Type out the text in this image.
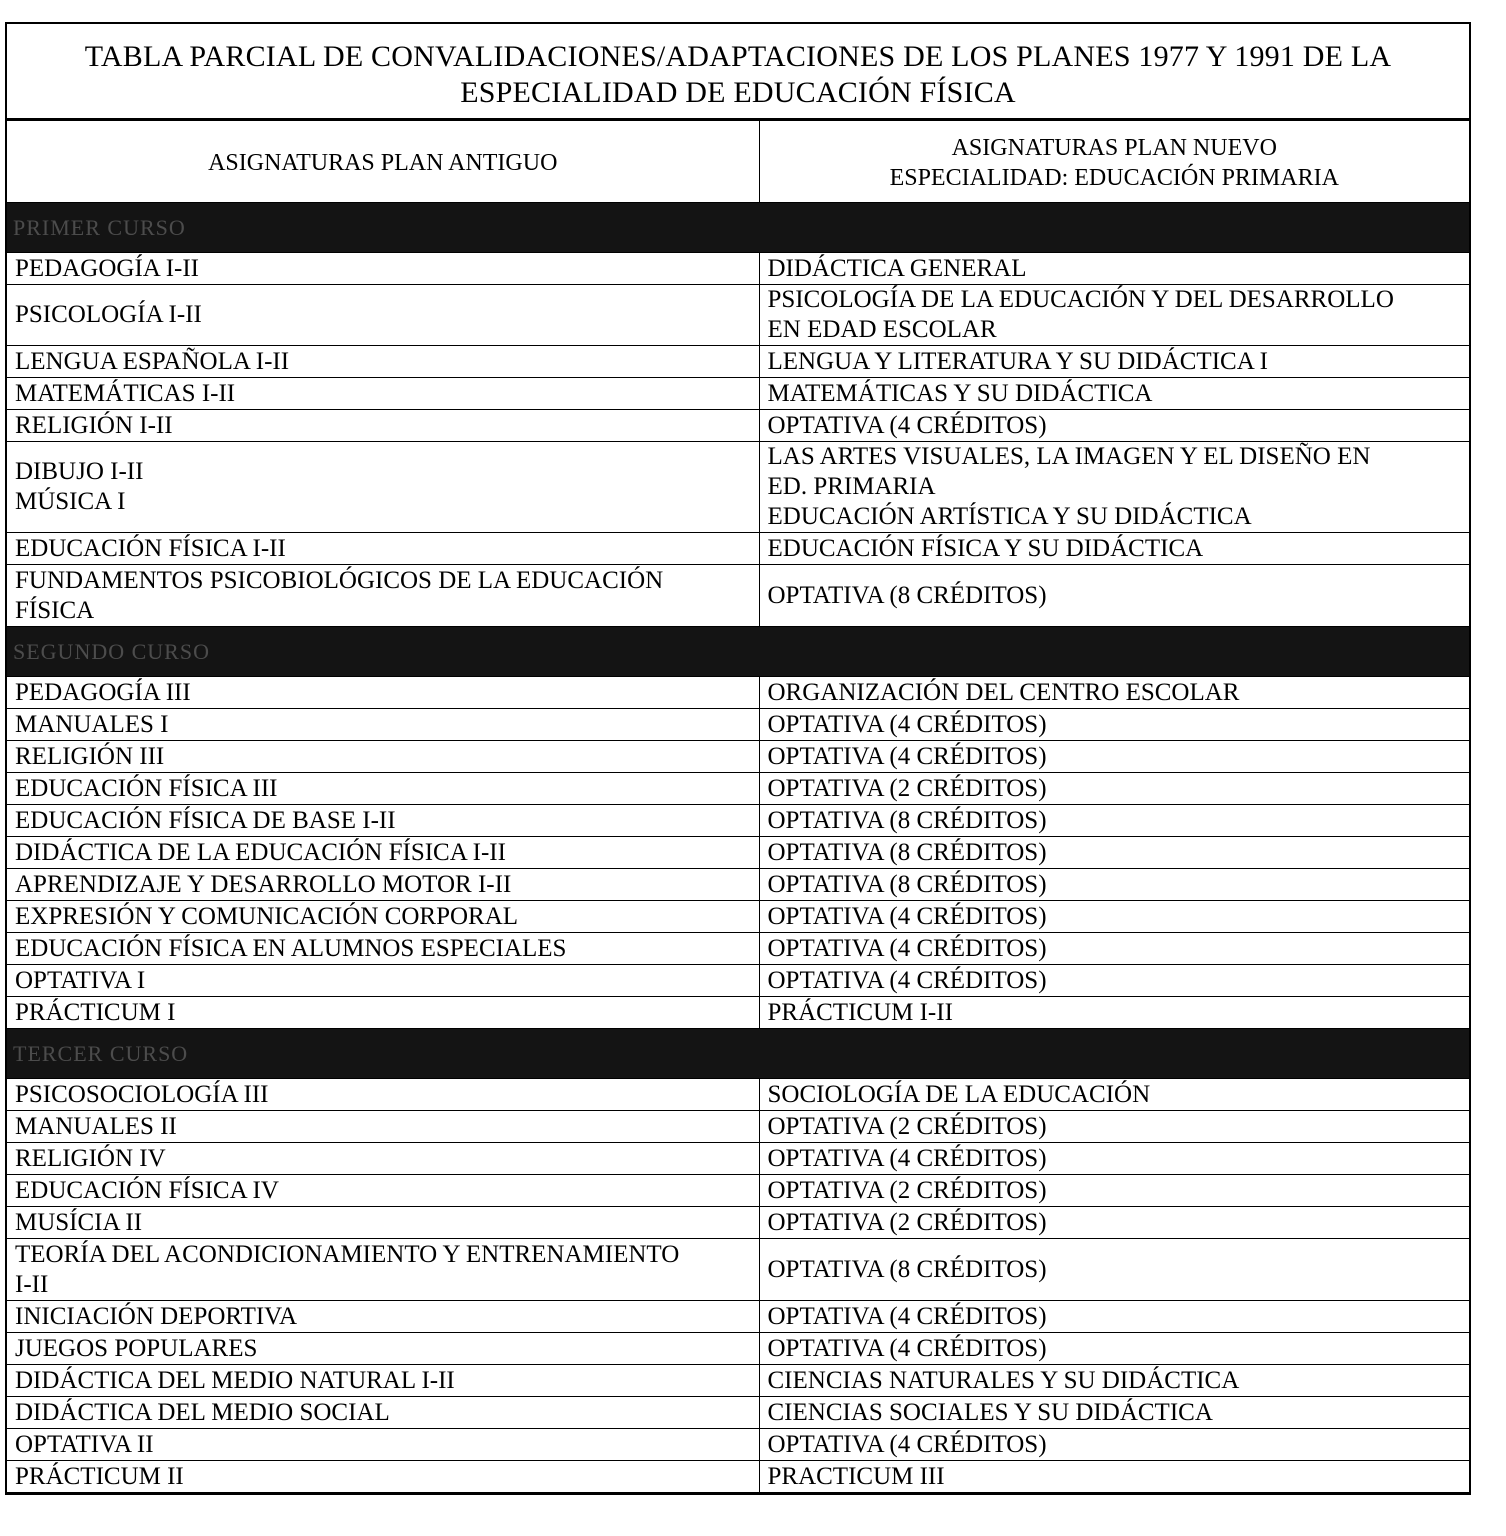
TABLA PARCIAL DE CONVALIDACIONES/ADAPTACIONES DE LOS PLANES 1977 Y 1991 DE LA ESPECIALIDAD DE EDUCACIÓN FÍSICA
ASIGNATURAS PLAN ANTIGUO	ASIGNATURAS PLAN NUEVO
ESPECIALIDAD: EDUCACIÓN PRIMARIA

PRIMER CURSO	
PEDAGOGÍA I-II	DIDÁCTICA GENERAL
PSICOLOGÍA I-II	PSICOLOGÍA DE LA EDUCACIÓN Y DEL DESARROLLO
EN EDAD ESCOLAR
LENGUA ESPAÑOLA I-II	LENGUA Y LITERATURA Y SU DIDÁCTICA I
MATEMÁTICAS I-II	MATEMÁTICAS Y SU DIDÁCTICA
RELIGIÓN I-II	OPTATIVA (4 CRÉDITOS)
DIBUJO I-II
MÚSICA I	LAS ARTES VISUALES, LA IMAGEN Y EL DISEÑO EN
ED. PRIMARIA
EDUCACIÓN ARTÍSTICA Y SU DIDÁCTICA
EDUCACIÓN FÍSICA I-II	EDUCACIÓN FÍSICA Y SU DIDÁCTICA
FUNDAMENTOS PSICOBIOLÓGICOS DE LA EDUCACIÓN
FÍSICA	OPTATIVA (8 CRÉDITOS)
SEGUNDO CURSO	
PEDAGOGÍA III	ORGANIZACIÓN DEL CENTRO ESCOLAR
MANUALES I	OPTATIVA (4 CRÉDITOS)
RELIGIÓN III	OPTATIVA (4 CRÉDITOS)
EDUCACIÓN FÍSICA III	OPTATIVA (2 CRÉDITOS)
EDUCACIÓN FÍSICA DE BASE I-II	OPTATIVA (8 CRÉDITOS)
DIDÁCTICA DE LA EDUCACIÓN FÍSICA I-II	OPTATIVA (8 CRÉDITOS)
APRENDIZAJE Y DESARROLLO MOTOR I-II	OPTATIVA (8 CRÉDITOS)
EXPRESIÓN Y COMUNICACIÓN CORPORAL	OPTATIVA (4 CRÉDITOS)
EDUCACIÓN FÍSICA EN ALUMNOS ESPECIALES	OPTATIVA (4 CRÉDITOS)
OPTATIVA I	OPTATIVA (4 CRÉDITOS)
PRÁCTICUM I	PRÁCTICUM I-II
TERCER CURSO	
PSICOSOCIOLOGÍA III	SOCIOLOGÍA DE LA EDUCACIÓN
MANUALES II	OPTATIVA (2 CRÉDITOS)
RELIGIÓN IV	OPTATIVA (4 CRÉDITOS)
EDUCACIÓN FÍSICA IV	OPTATIVA (2 CRÉDITOS)
MUSÍCIA II	OPTATIVA (2 CRÉDITOS)
TEORÍA DEL ACONDICIONAMIENTO Y ENTRENAMIENTO
I-II	OPTATIVA (8 CRÉDITOS)
INICIACIÓN DEPORTIVA	OPTATIVA (4 CRÉDITOS)
JUEGOS POPULARES	OPTATIVA (4 CRÉDITOS)
DIDÁCTICA DEL MEDIO NATURAL I-II	CIENCIAS NATURALES Y SU DIDÁCTICA
DIDÁCTICA DEL MEDIO SOCIAL	CIENCIAS SOCIALES Y SU DIDÁCTICA
OPTATIVA II	OPTATIVA (4 CRÉDITOS)
PRÁCTICUM II	PRACTICUM III
